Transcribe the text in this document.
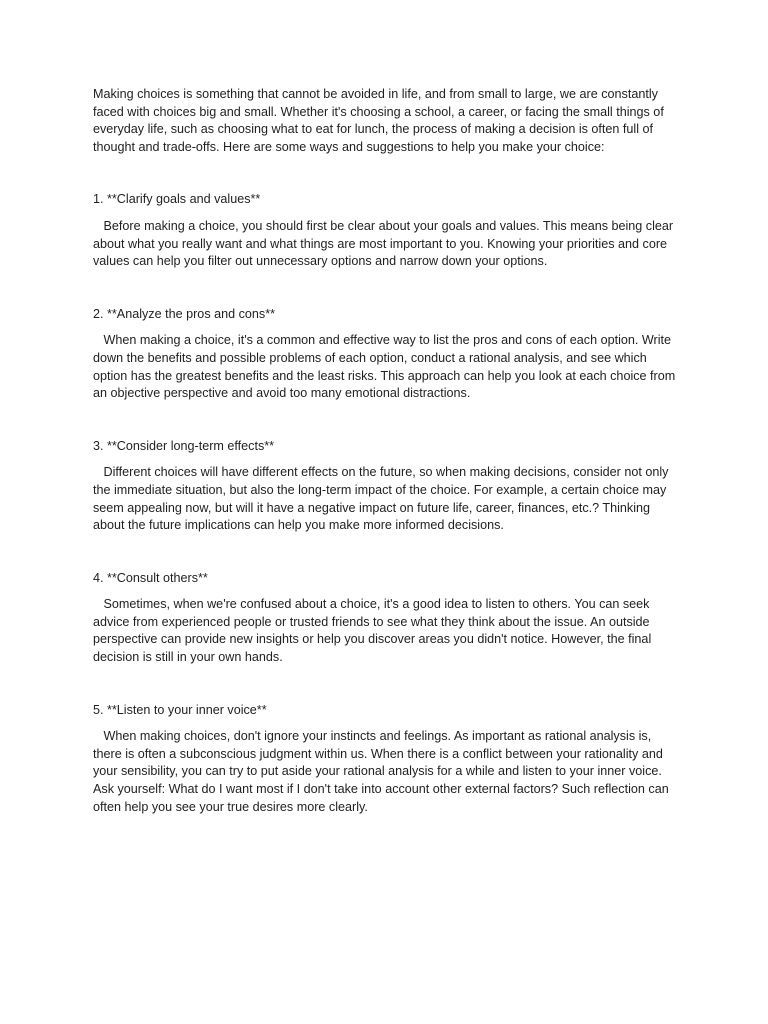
Making choices is something that cannot be avoided in life, and from small to large, we are constantly faced with choices big and small. Whether it's choosing a school, a career, or facing the small things of everyday life, such as choosing what to eat for lunch, the process of making a decision is often full of thought and trade-offs. Here are some ways and suggestions to help you make your choice:

1. **Clarify goals and values**

Before making a choice, you should first be clear about your goals and values. This means being clear about what you really want and what things are most important to you. Knowing your priorities and core values can help you filter out unnecessary options and narrow down your options.

2. **Analyze the pros and cons**

When making a choice, it's a common and effective way to list the pros and cons of each option. Write down the benefits and possible problems of each option, conduct a rational analysis, and see which option has the greatest benefits and the least risks. This approach can help you look at each choice from an objective perspective and avoid too many emotional distractions.

3. **Consider long-term effects**

Different choices will have different effects on the future, so when making decisions, consider not only the immediate situation, but also the long-term impact of the choice. For example, a certain choice may seem appealing now, but will it have a negative impact on future life, career, finances, etc.? Thinking about the future implications can help you make more informed decisions.

4. **Consult others**

Sometimes, when we're confused about a choice, it's a good idea to listen to others. You can seek advice from experienced people or trusted friends to see what they think about the issue. An outside perspective can provide new insights or help you discover areas you didn't notice. However, the final decision is still in your own hands.

5. **Listen to your inner voice**

When making choices, don't ignore your instincts and feelings. As important as rational analysis is, there is often a subconscious judgment within us. When there is a conflict between your rationality and your sensibility, you can try to put aside your rational analysis for a while and listen to your inner voice. Ask yourself: What do I want most if I don't take into account other external factors? Such reflection can often help you see your true desires more clearly.
